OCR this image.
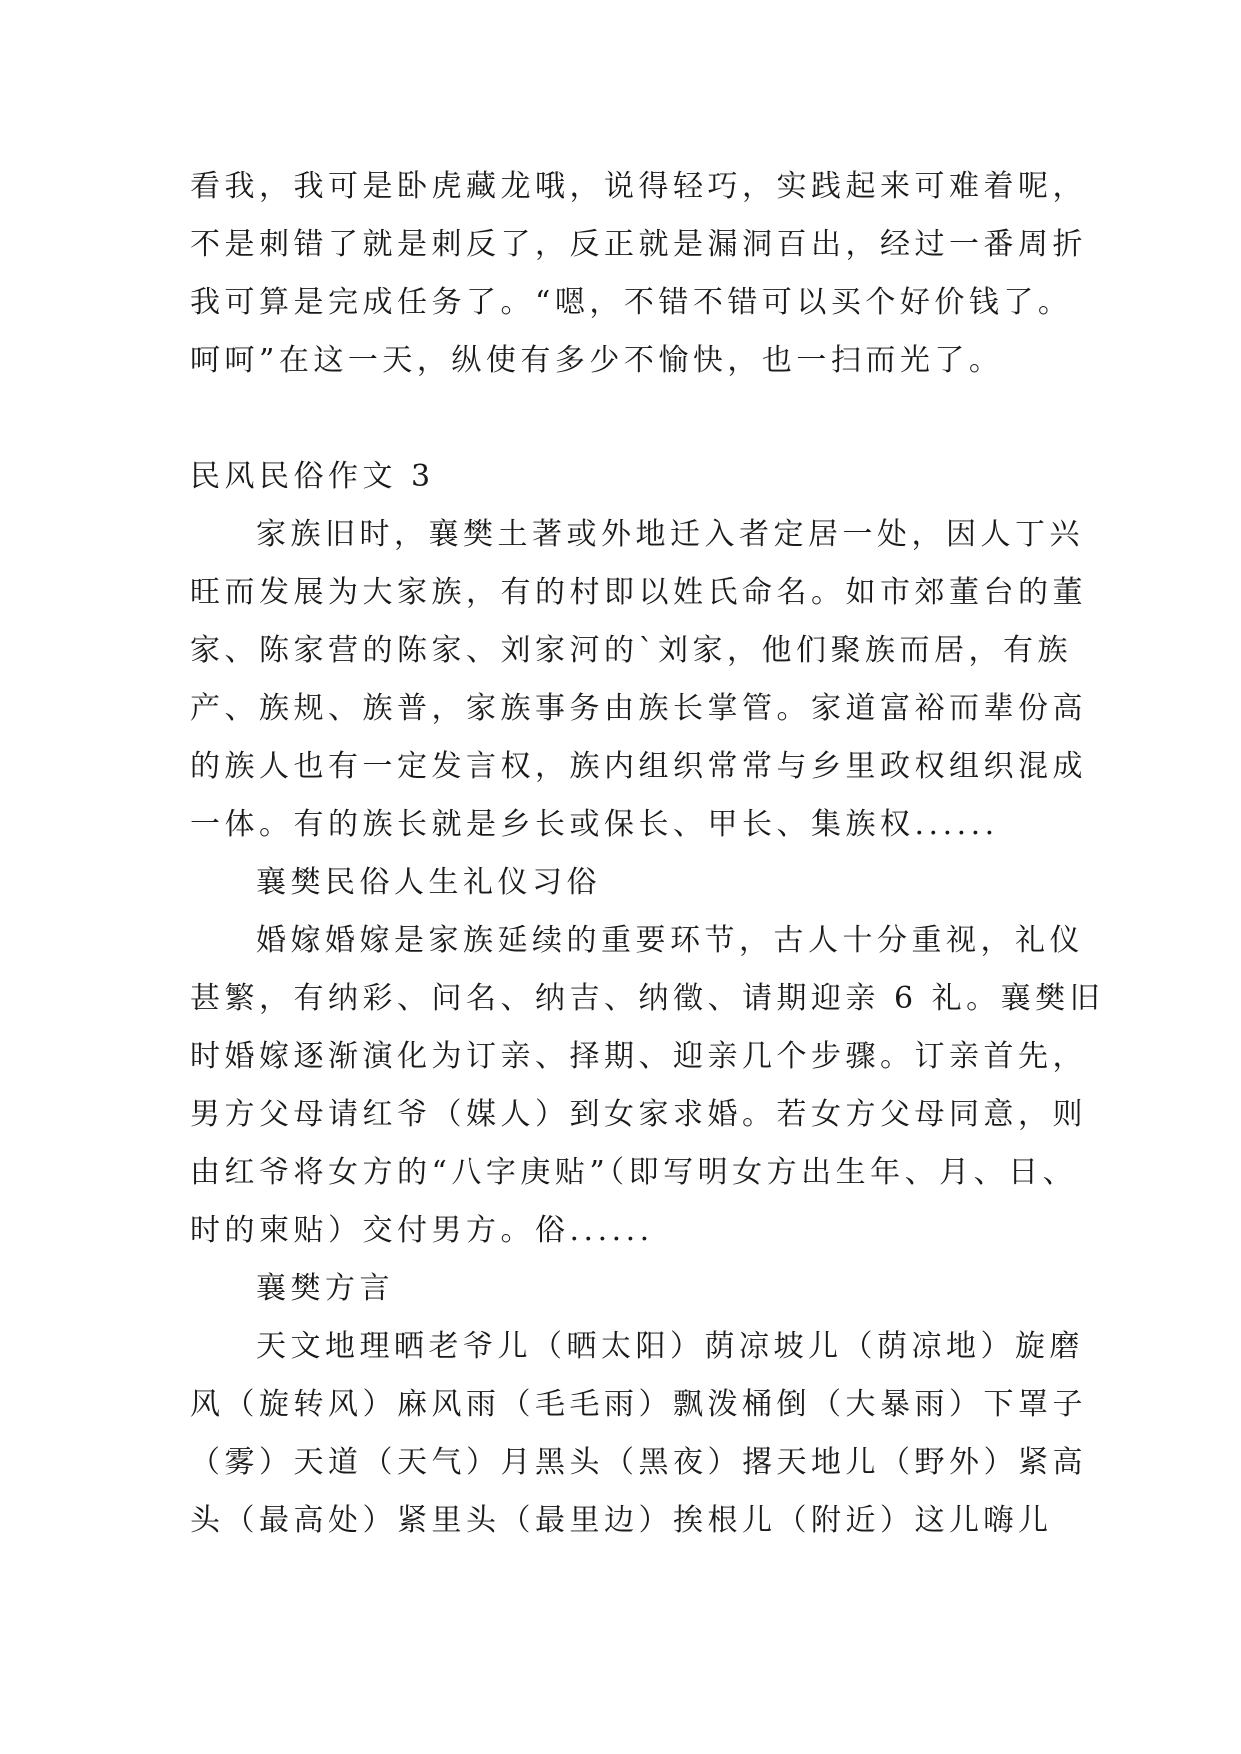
看我，我可是卧虎藏龙哦，说得轻巧，实践起来可难着呢，
不是刺错了就是刺反了，反正就是漏洞百出，经过一番周折
我可算是完成任务了。“嗯，不错不错可以买个好价钱了。
呵呵”在这一天，纵使有多少不愉快，也一扫而光了。
民风民俗作文 3
家族旧时，襄樊土著或外地迁入者定居一处，因人丁兴
旺而发展为大家族，有的村即以姓氏命名。如市郊董台的董
家、陈家营的陈家、刘家河的`刘家，他们聚族而居，有族
产、族规、族普，家族事务由族长掌管。家道富裕而辈份高
的族人也有一定发言权，族内组织常常与乡里政权组织混成
一体。有的族长就是乡长或保长、甲长、集族权......
襄樊民俗人生礼仪习俗
婚嫁婚嫁是家族延续的重要环节，古人十分重视，礼仪
甚繁，有纳彩、问名、纳吉、纳徵、请期迎亲 6 礼。襄樊旧
时婚嫁逐渐演化为订亲、择期、迎亲几个步骤。订亲首先，
男方父母请红爷（媒人）到女家求婚。若女方父母同意，则
由红爷将女方的“八字庚贴”（即写明女方出生年、月、日、
时的柬贴）交付男方。俗......
襄樊方言
天文地理晒老爷儿（晒太阳）荫凉坡儿（荫凉地）旋磨
风（旋转风）麻风雨（毛毛雨）飘泼桶倒（大暴雨）下罩子
（雾）天道（天气）月黑头（黑夜）撂天地儿（野外）紧高
头（最高处）紧里头（最里边）挨根儿（附近）这儿嗨儿
